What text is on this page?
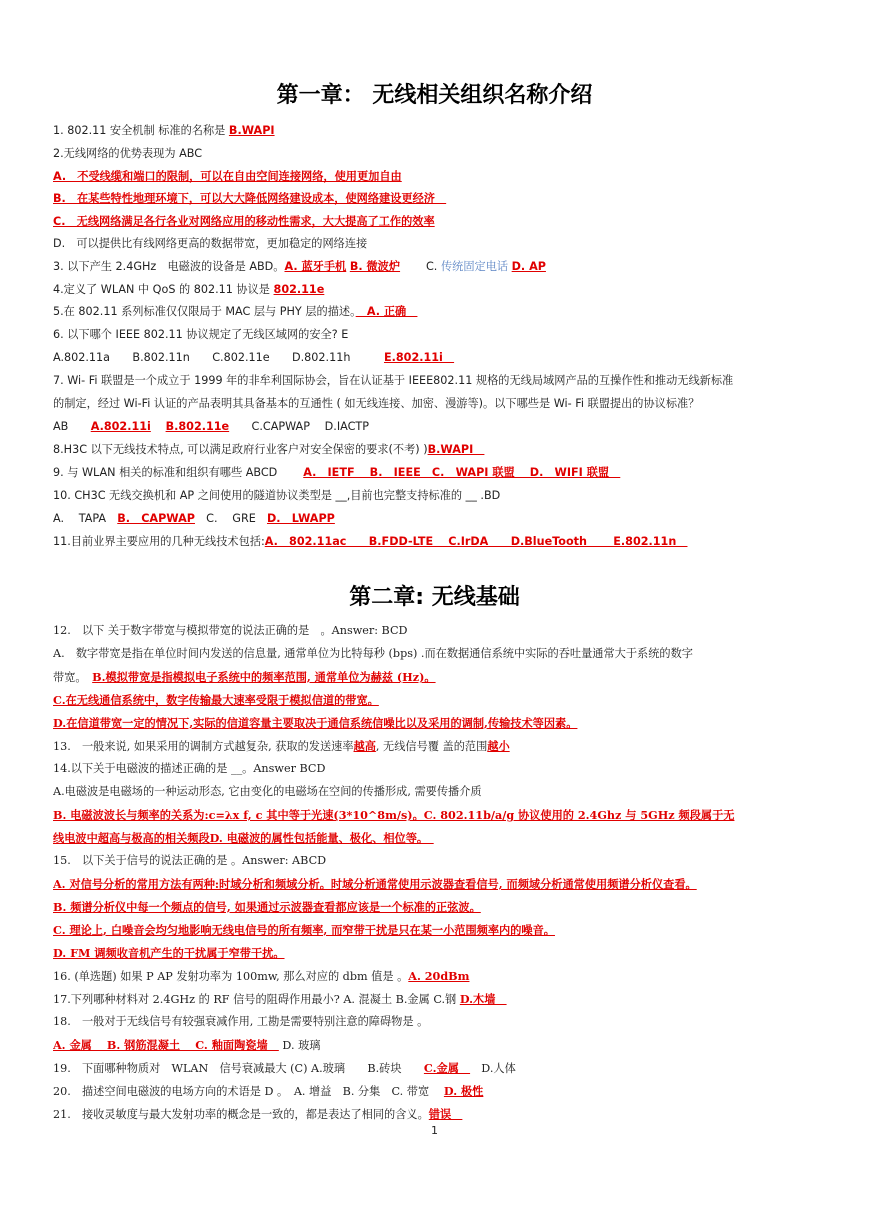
第一章： 无线相关组织名称介绍
1. 802.11 安全机制 标准的名称是 B.WAPI
2.无线网络的优势表现为 ABC
A.　不受线缆和端口的限制，可以在自由空间连接网络，使用更加自由
B.　在某些特性地理环境下，可以大大降低网络建设成本，使网络建设更经济　
C.　无线网络满足各行各业对网络应用的移动性需求，大大提高了工作的效率
D.　可以提供比有线网络更高的数据带宽，更加稳定的网络连接
3. 以下产生 2.4GHz　电磁波的设备是 ABD。A. 蓝牙手机 B. 微波炉　　 C. 传统固定电话 D. AP
4.定义了 WLAN 中 QoS 的 802.11 协议是 802.11e
5.在 802.11 系列标准仅仅限局于 MAC 层与 PHY 层的描述。　A. 正确　
6. 以下哪个 IEEE 802.11 协议规定了无线区域网的安全? E
A.802.11a　　B.802.11n　　C.802.11e　　D.802.11h　　　E.802.11i　
7. Wi- Fi 联盟是一个成立于 1999 年的非牟利国际协会，旨在认证基于 IEEE802.11 规格的无线局域网产品的互操作性和推动无线新标准
的制定，经过 Wi-Fi 认证的产品表明其具备基本的互通性 ( 如无线连接、加密、漫游等)。以下哪些是 Wi- Fi 联盟提出的协议标准？
AB　　A.802.11i　 B.802.11e　　C.CAPWAP　 D.IACTP
8.H3C 以下无线技术特点, 可以满足政府行业客户对安全保密的要求(不考) )B.WAPI　
9. 与 WLAN 相关的标准和组织有哪些 ABCD　　 A.　IETF　 B.　IEEE　C.　WAPI 联盟　 D.　WIFI 联盟　
10. CH3C 无线交换机和 AP 之间使用的隧道协议类型是 __,目前也完整支持标准的 __ .BD
A.　 TAPA　B.　CAPWAP　C.　 GRE　D.　LWAPP
11.目前业界主要应用的几种无线技术包括:A.　802.11ac　　B.FDD-LTE　 C.IrDA　　D.BlueTooth　　 E.802.11n　
第二章: 无线基础
12.　以下 关于数字带宽与模拟带宽的说法正确的是　。Answer: BCD
A.　数字带宽是指在单位时间内发送的信息量, 通常单位为比特每秒 (bps) .而在数据通信系统中实际的吞吐量通常大于系统的数字
带宽。　B.模拟带宽是指模拟电子系统中的频率范围, 通常单位为赫兹 (Hz)。
C.在无线通信系统中，数字传输最大速率受限于模拟信道的带宽。
D.在信道带宽一定的情况下,实际的信道容量主要取决于通信系统信噪比以及采用的调制,传输技术等因素。
13.　一般来说, 如果采用的调制方式越复杂, 获取的发送速率越高, 无线信号覆 盖的范围越小
14.以下关于电磁波的描述正确的是 __。Answer BCD
A.电磁波是电磁场的一种运动形态, 它由变化的电磁场在空间的传播形成, 需要传播介质
B. 电磁波波长与频率的关系为:c=λx f, c 其中等于光速(3*10^8m/s)。C. 802.11b/a/g 协议使用的 2.4Ghz 与 5GHz 频段属于无
线电波中超高与极高的相关频段D. 电磁波的属性包括能量、极化、相位等。　
15.　以下关于信号的说法正确的是 。Answer: ABCD
A. 对信号分析的常用方法有两种:时域分析和频域分析。时域分析通常使用示波器查看信号, 而频域分析通常使用频谱分析仪查看。
B. 频谱分析仪中每一个频点的信号, 如果通过示波器查看都应该是一个标准的正弦波。
C. 理论上, 白噪音会均匀地影响无线电信号的所有频率, 而窄带干扰是只在某一小范围频率内的噪音。
D. FM 调频收音机产生的干扰属于窄带干扰。
16. (单选题) 如果 P AP 发射功率为 100mw, 那么对应的 dbm 值是 。A. 20dBm
17.下列哪种材料对 2.4GHz 的 RF 信号的阻碍作用最小? A. 混凝土 B.金属 C.钢 D.木墙　
18.　一般对于无线信号有较强衰减作用, 工勘是需要特别注意的障碍物是 。
A. 金属　 B. 钢筋混凝土　 C. 釉面陶瓷墙　 D. 玻璃
19.　下面哪种物质对　WLAN　信号衰减最大 (C) A.玻璃　　B.砖块　　C.金属　　D.人体
20.　描述空间电磁波的电场方向的术语是 D 。　A. 增益　B. 分集　C. 带宽　 D. 极性
21.　接收灵敏度与最大发射功率的概念是一致的，都是表达了相同的含义。错误　
1
